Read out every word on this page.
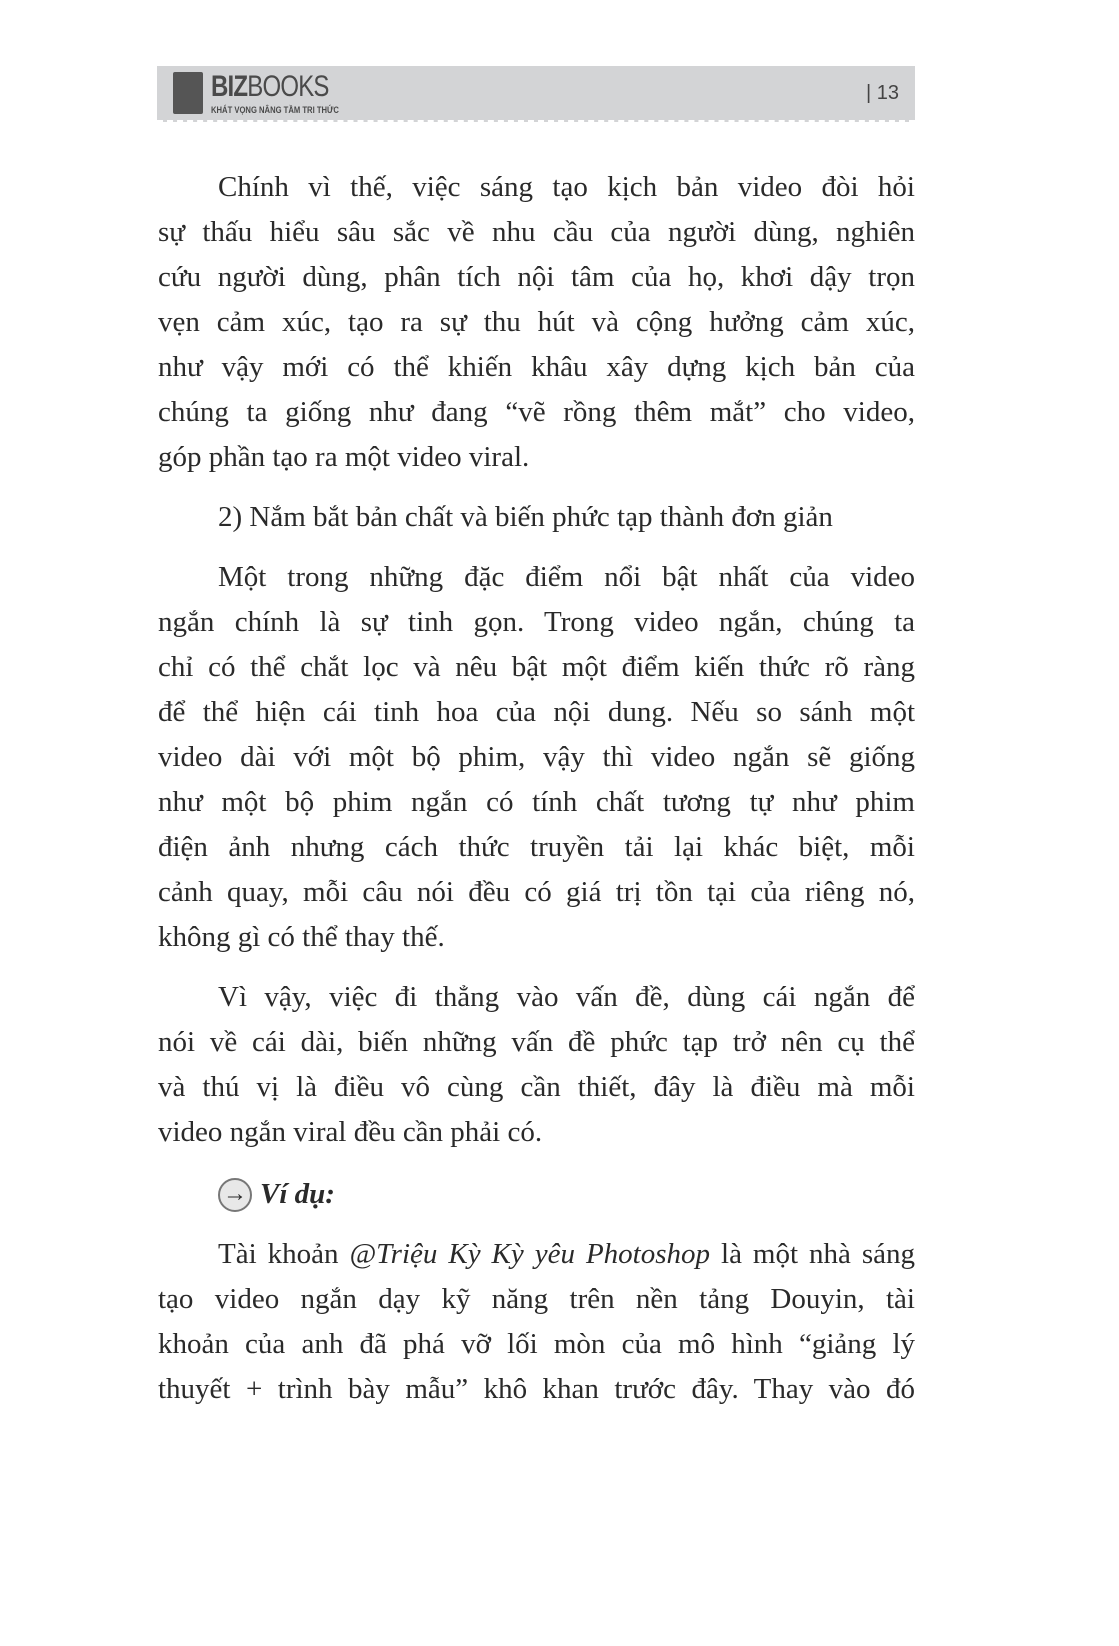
BIZBOOKS
KHÁT VỌNG NÂNG TẦM TRI THỨC
| 13
Chính vì thế, việc sáng tạo kịch bản video đòi hỏi
sự thấu hiểu sâu sắc về nhu cầu của người dùng, nghiên
cứu người dùng, phân tích nội tâm của họ, khơi dậy trọn
vẹn cảm xúc, tạo ra sự thu hút và cộng hưởng cảm xúc,
như vậy mới có thể khiến khâu xây dựng kịch bản của
chúng ta giống như đang “vẽ rồng thêm mắt” cho video,
góp phần tạo ra một video viral.
2) Nắm bắt bản chất và biến phức tạp thành đơn giản
Một trong những đặc điểm nổi bật nhất của video
ngắn chính là sự tinh gọn. Trong video ngắn, chúng ta
chỉ có thể chắt lọc và nêu bật một điểm kiến thức rõ ràng
để thể hiện cái tinh hoa của nội dung. Nếu so sánh một
video dài với một bộ phim, vậy thì video ngắn sẽ giống
như một bộ phim ngắn có tính chất tương tự như phim
điện ảnh nhưng cách thức truyền tải lại khác biệt, mỗi
cảnh quay, mỗi câu nói đều có giá trị tồn tại của riêng nó,
không gì có thể thay thế.
Vì vậy, việc đi thẳng vào vấn đề, dùng cái ngắn để
nói về cái dài, biến những vấn đề phức tạp trở nên cụ thể
và thú vị là điều vô cùng cần thiết, đây là điều mà mỗi
video ngắn viral đều cần phải có.
→ Ví dụ:
Tài khoản @Triệu Kỳ Kỳ yêu Photoshop là một nhà sáng
tạo video ngắn dạy kỹ năng trên nền tảng Douyin, tài
khoản của anh đã phá vỡ lối mòn của mô hình “giảng lý
thuyết + trình bày mẫu” khô khan trước đây. Thay vào đó
